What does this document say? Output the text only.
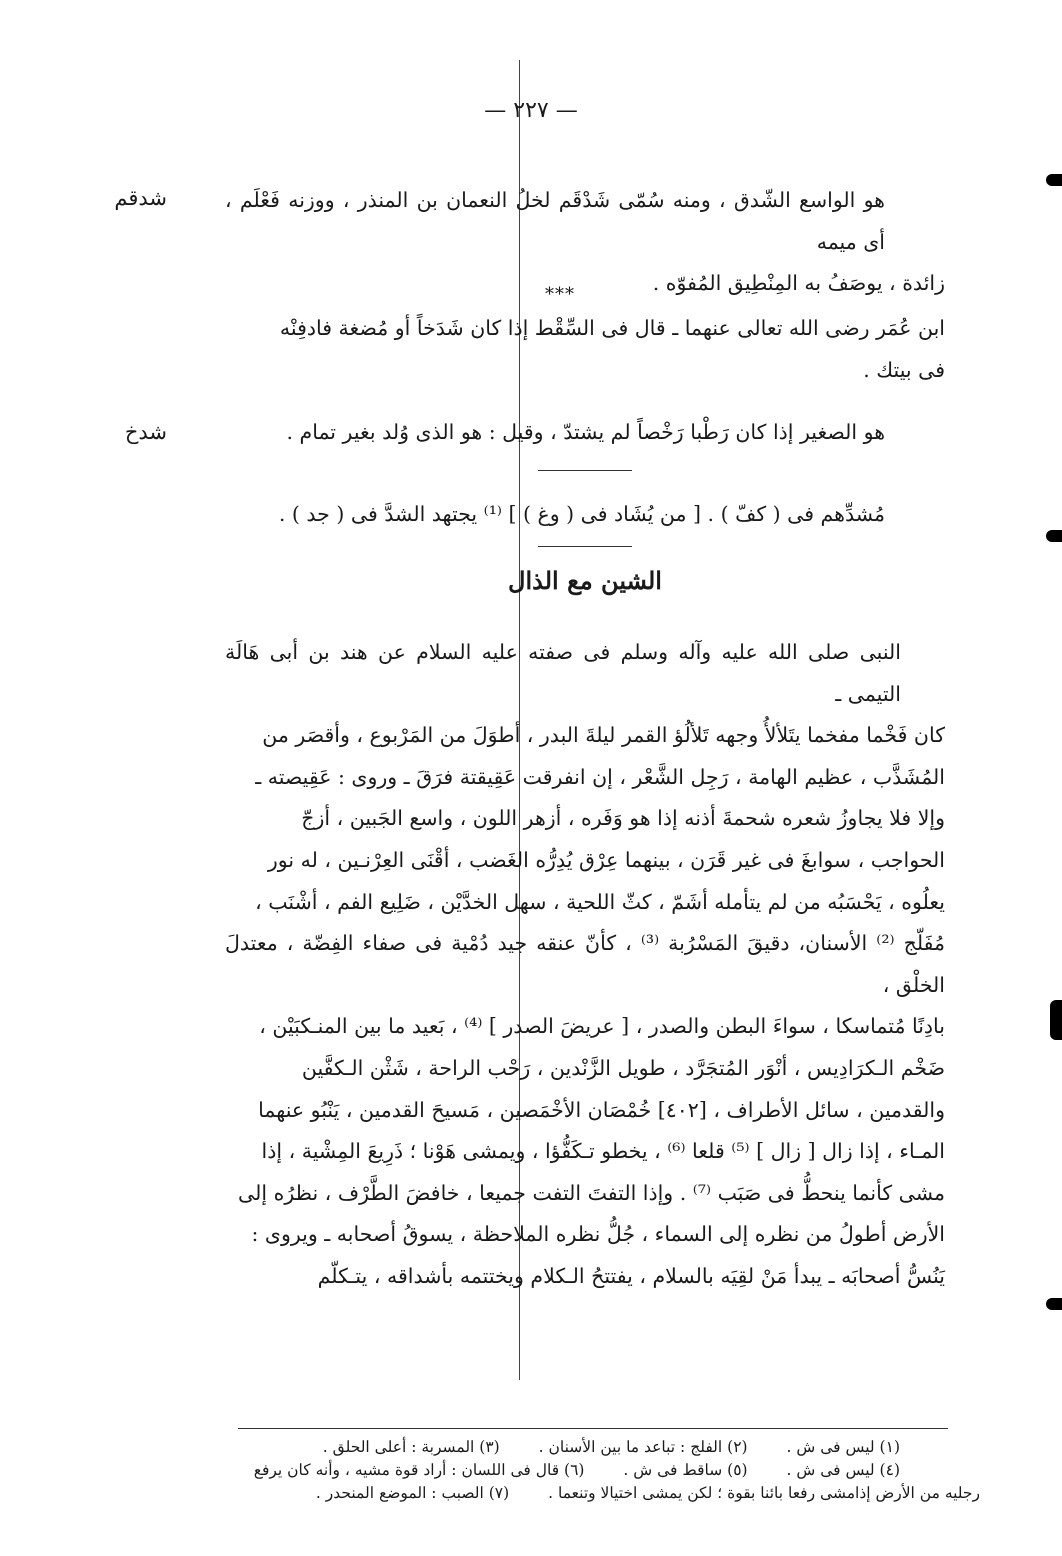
— ٢٢٧ —
شدقم
شدخ

هو الواسع الشّدق ، ومنه سُمّى شَدْقَم لخلُ النعمان بن المنذر ، ووزنه فَعْلَم ، أى ميمه

زائدة ، يوصَفُ به المِنْطِيق المُفوّه .

***

ابن عُمَر رضى الله تعالى عنهما ـ قال فى السِّقْط إذا كان شَدَخاً أو مُضغة فادفِنْه

فى بيتك .

هو الصغير إذا كان رَطْبا رَخْصاً لم يشتدّ ، وقيل : هو الذى وُلد بغير تمام .

مُشدِّهم فى ( كفّ ) . [ من يُشَاد فى ( وغ ) ] ⁽¹⁾ يجتهد الشدَّ فى ( جد ) .

الشين مع الذال

النبى صلى الله عليه وآله وسلم فى صفته عليه السلام عن هند بن أبى هَالَة التيمى ـ

كان فَخْما مفخما يتَلألأُ وجهه تَلألُؤ القمر ليلةَ البدر ، أطوَلَ من المَرْبوع ، وأقصَر من

المُشَذَّب ، عظيم الهامة ، رَجِل الشَّعْر ، إن انفرقت عَقِيقتة فرَقَ ـ وروى : عَقِيصته ـ

وإلا فلا يجاوزُ شعره شحمةَ أذنه إذا هو وَفَره ، أزهر اللون ، واسع الجَبين ، أزجّ

الحواجب ، سوابغَ فى غير قَرَن ، بينهما عِرْق يُدِرُّه الغَضب ، أقْنَى العِرْنـين ، له نور

يعلُوه ، يَحْسَبُه من لم يتأمله أشَمّ ، كثّ اللحية ، سهل الخدَّيْن ، ضَلِيع الفم ، أشْنَب ،

مُفَلّج ⁽²⁾ الأسنان، دقيقَ المَسْرُبة ⁽³⁾ ، كأنّ عنقه جيد دُمْية فى صفاء الفِضّة ، معتدلَ الخلْق ،

بادِنًا مُتماسكا ، سواءَ البطن والصدر ، [ عريضَ الصدر ] ⁽⁴⁾ ، بَعيد ما بين المنـكبَيْن ،

ضَخْم الـكرَادِيس ، أنْوَر المُتجَرَّد ، طويل الزَّنْدين ، رَحْب الراحة ، شَثْن الـكفَّين

والقدمين ، سائل الأطراف ، [٤٠٢] خُمْصَان الأخْمَصين ، مَسيحَ القدمين ، يَنْبُو عنهما

المـاء ، إذا زال [ زال ] ⁽⁵⁾ قلعا ⁽⁶⁾ ، يخطو تـكَفُّؤا ، ويمشى هَوْنا ؛ ذَرِيعَ المِشْية ، إذا

مشى كأنما ينحطُّ فى صَبَب ⁽⁷⁾ . وإذا التفتَ التفت جميعا ، خافضَ الطَّرْف ، نظرُه إلى

الأرض أطولُ من نظره إلى السماء ، جُلُّ نظره الملاحظة ، يسوقُ أصحابه ـ ويروى :

يَنُسُّ أصحابَه ـ يبدأ مَنْ لقِيَه بالسلام ، يفتتحُ الـكلام ويختتمه بأشداقه ، يتـكلّم

(١) ليس فى ش . (٢) الفلج : تباعد ما بين الأسنان . (٣) المسربة : أعلى الحلق .
(٤) ليس فى ش . (٥) ساقط فى ش . (٦) قال فى اللسان : أراد قوة مشيه ، وأنه كان يرفع
رجليه من الأرض إذامشى رفعا بائنا بقوة ؛ لكن يمشى اختيالا وتنعما . (٧) الصبب : الموضع المنحدر .
